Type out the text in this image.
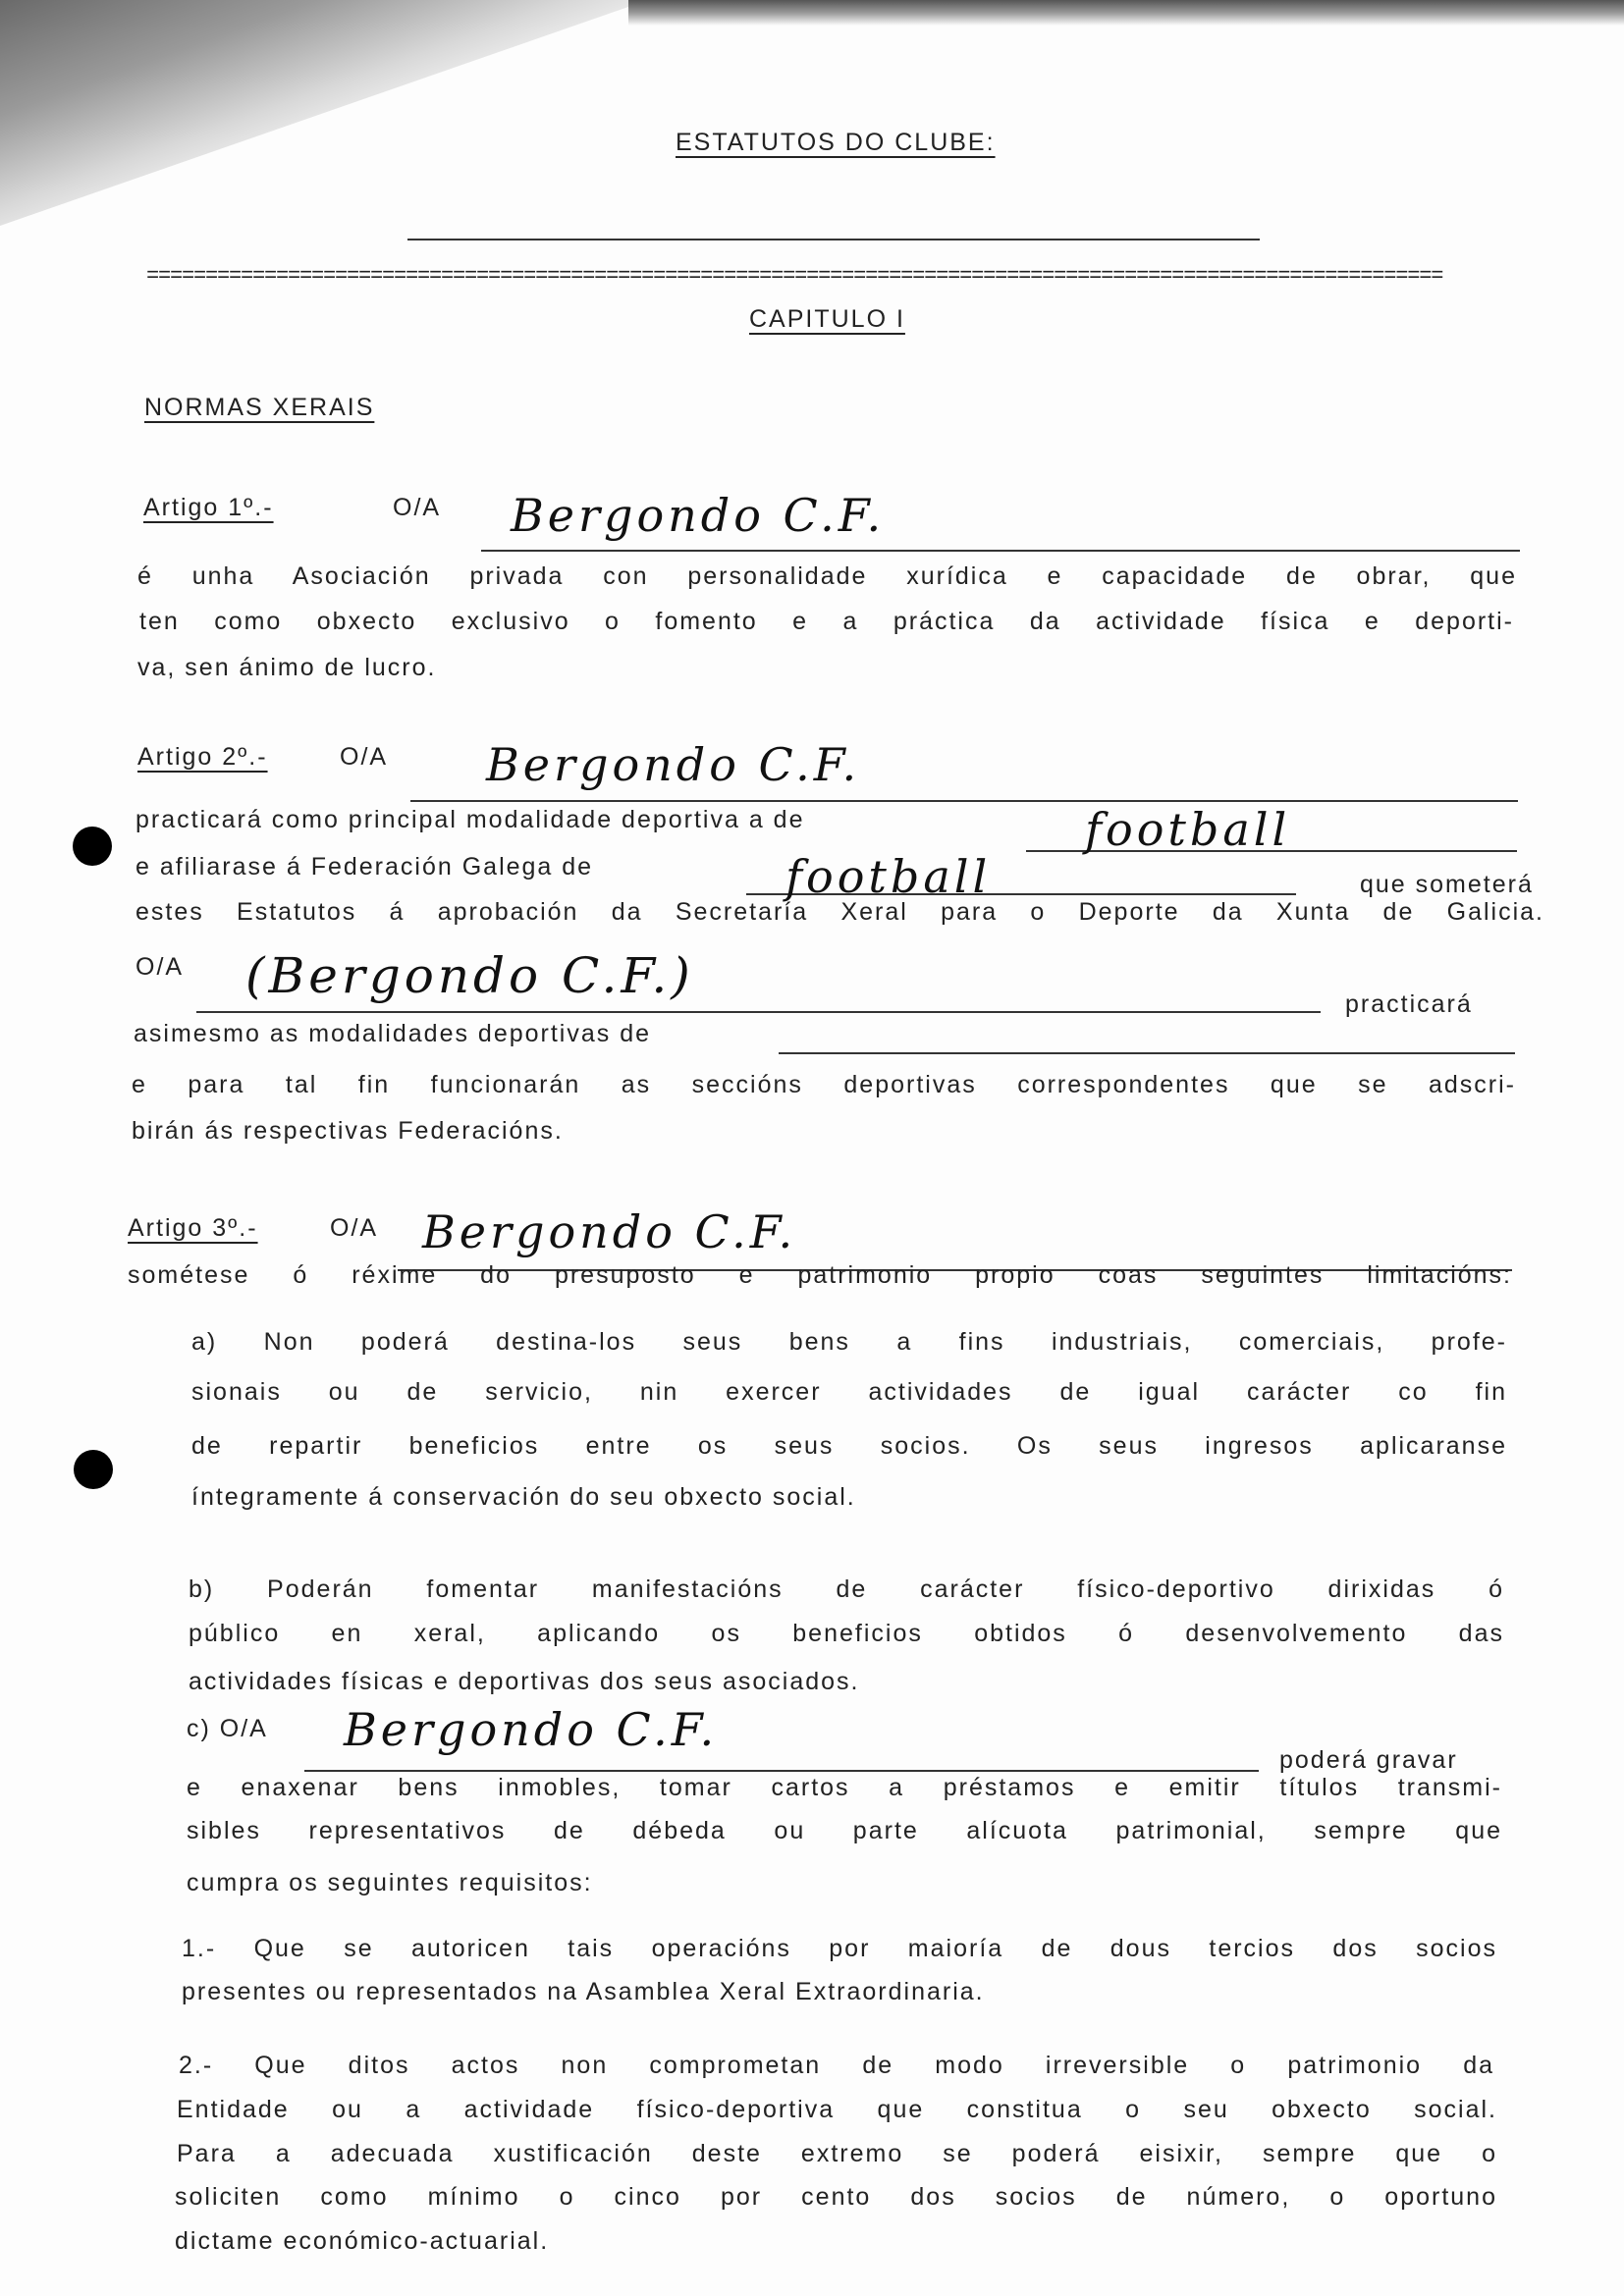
ESTATUTOS DO CLUBE:
==============================================================================================================
CAPITULO I
NORMAS XERAIS
Artigo 1º.-	O/A Bergondo C.F.
é unha Asociación privada con personalidade xurídica e capacidade de obrar, que
ten como obxecto exclusivo o fomento e a práctica da actividade física e deporti-
va, sen ánimo de lucro.
Artigo 2º.-	O/A Bergondo C.F.
practicará como principal modalidade deportiva a de	football
e afiliarase á Federación Galega de	football	que someterá
estes Estatutos á aprobación da Secretaría Xeral para o Deporte da Xunta de Galicia.
O/A (Bergondo C.F.)	practicará
asimesmo as modalidades deportivas de
e para tal fin funcionarán as seccións deportivas correspondentes que se adscri-
birán ás respectivas Federacións.
Artigo 3º.-	O/A Bergondo C.F.
sométese ó réxime do presuposto e patrimonio propio coas seguintes limitacións:
a) Non poderá destina-los seus bens a fins industriais, comerciais, profe-
sionais ou de servicio, nin exercer actividades de igual carácter co fin
de repartir beneficios entre os seus socios. Os seus ingresos aplicaranse
íntegramente á conservación do seu obxecto social.
b) Poderán fomentar manifestacións de carácter físico-deportivo dirixidas ó
público en xeral, aplicando os beneficios obtidos ó desenvolvemento das
actividades físicas e deportivas dos seus asociados.
c) O/A Bergondo C.F.
poderá gravar
e enaxenar bens inmobles, tomar cartos a préstamos e emitir títulos transmi-
sibles representativos de débeda ou parte alícuota patrimonial, sempre que
cumpra os seguintes requisitos:
1.- Que se autoricen tais operacións por maioría de dous tercios dos socios
presentes ou representados na Asamblea Xeral Extraordinaria.
2.- Que ditos actos non comprometan de modo irreversible o patrimonio da
Entidade ou a actividade físico-deportiva que constitua o seu obxecto social.
Para a adecuada xustificación deste extremo se poderá eisixir, sempre que o
soliciten como mínimo o cinco por cento dos socios de número, o oportuno
dictame económico-actuarial.
